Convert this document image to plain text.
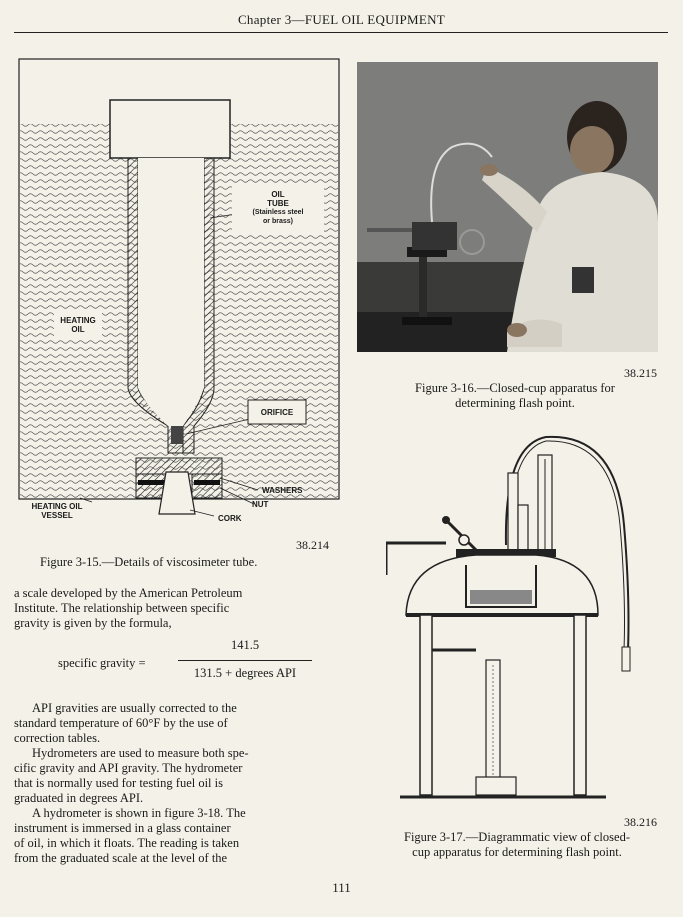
Chapter 3—FUEL OIL EQUIPMENT
OIL
TUBE
(Stainless steel
or brass)
HEATING
OIL
ORIFICE
WASHERS
NUT
CORK
HEATING OIL
VESSEL
38.214
Figure 3-15.—Details of viscosimeter tube.

a scale developed by the American Petroleum

Institute. The relationship between specific

gravity is given by the formula,

specific gravity =
141.5
131.5 + degrees API

API gravities are usually corrected to the

standard temperature of 60°F by the use of

correction tables.

Hydrometers are used to measure both spe-

cific gravity and API gravity. The hydrometer

that is normally used for testing fuel oil is

graduated in degrees API.

A hydrometer is shown in figure 3-18. The

instrument is immersed in a glass container

of oil, in which it floats. The reading is taken

from the graduated scale at the level of the

38.215
Figure 3-16.—Closed-cup apparatus for
determining flash point.
38.216
Figure 3-17.—Diagrammatic view of closed-
cup apparatus for determining flash point.
111
